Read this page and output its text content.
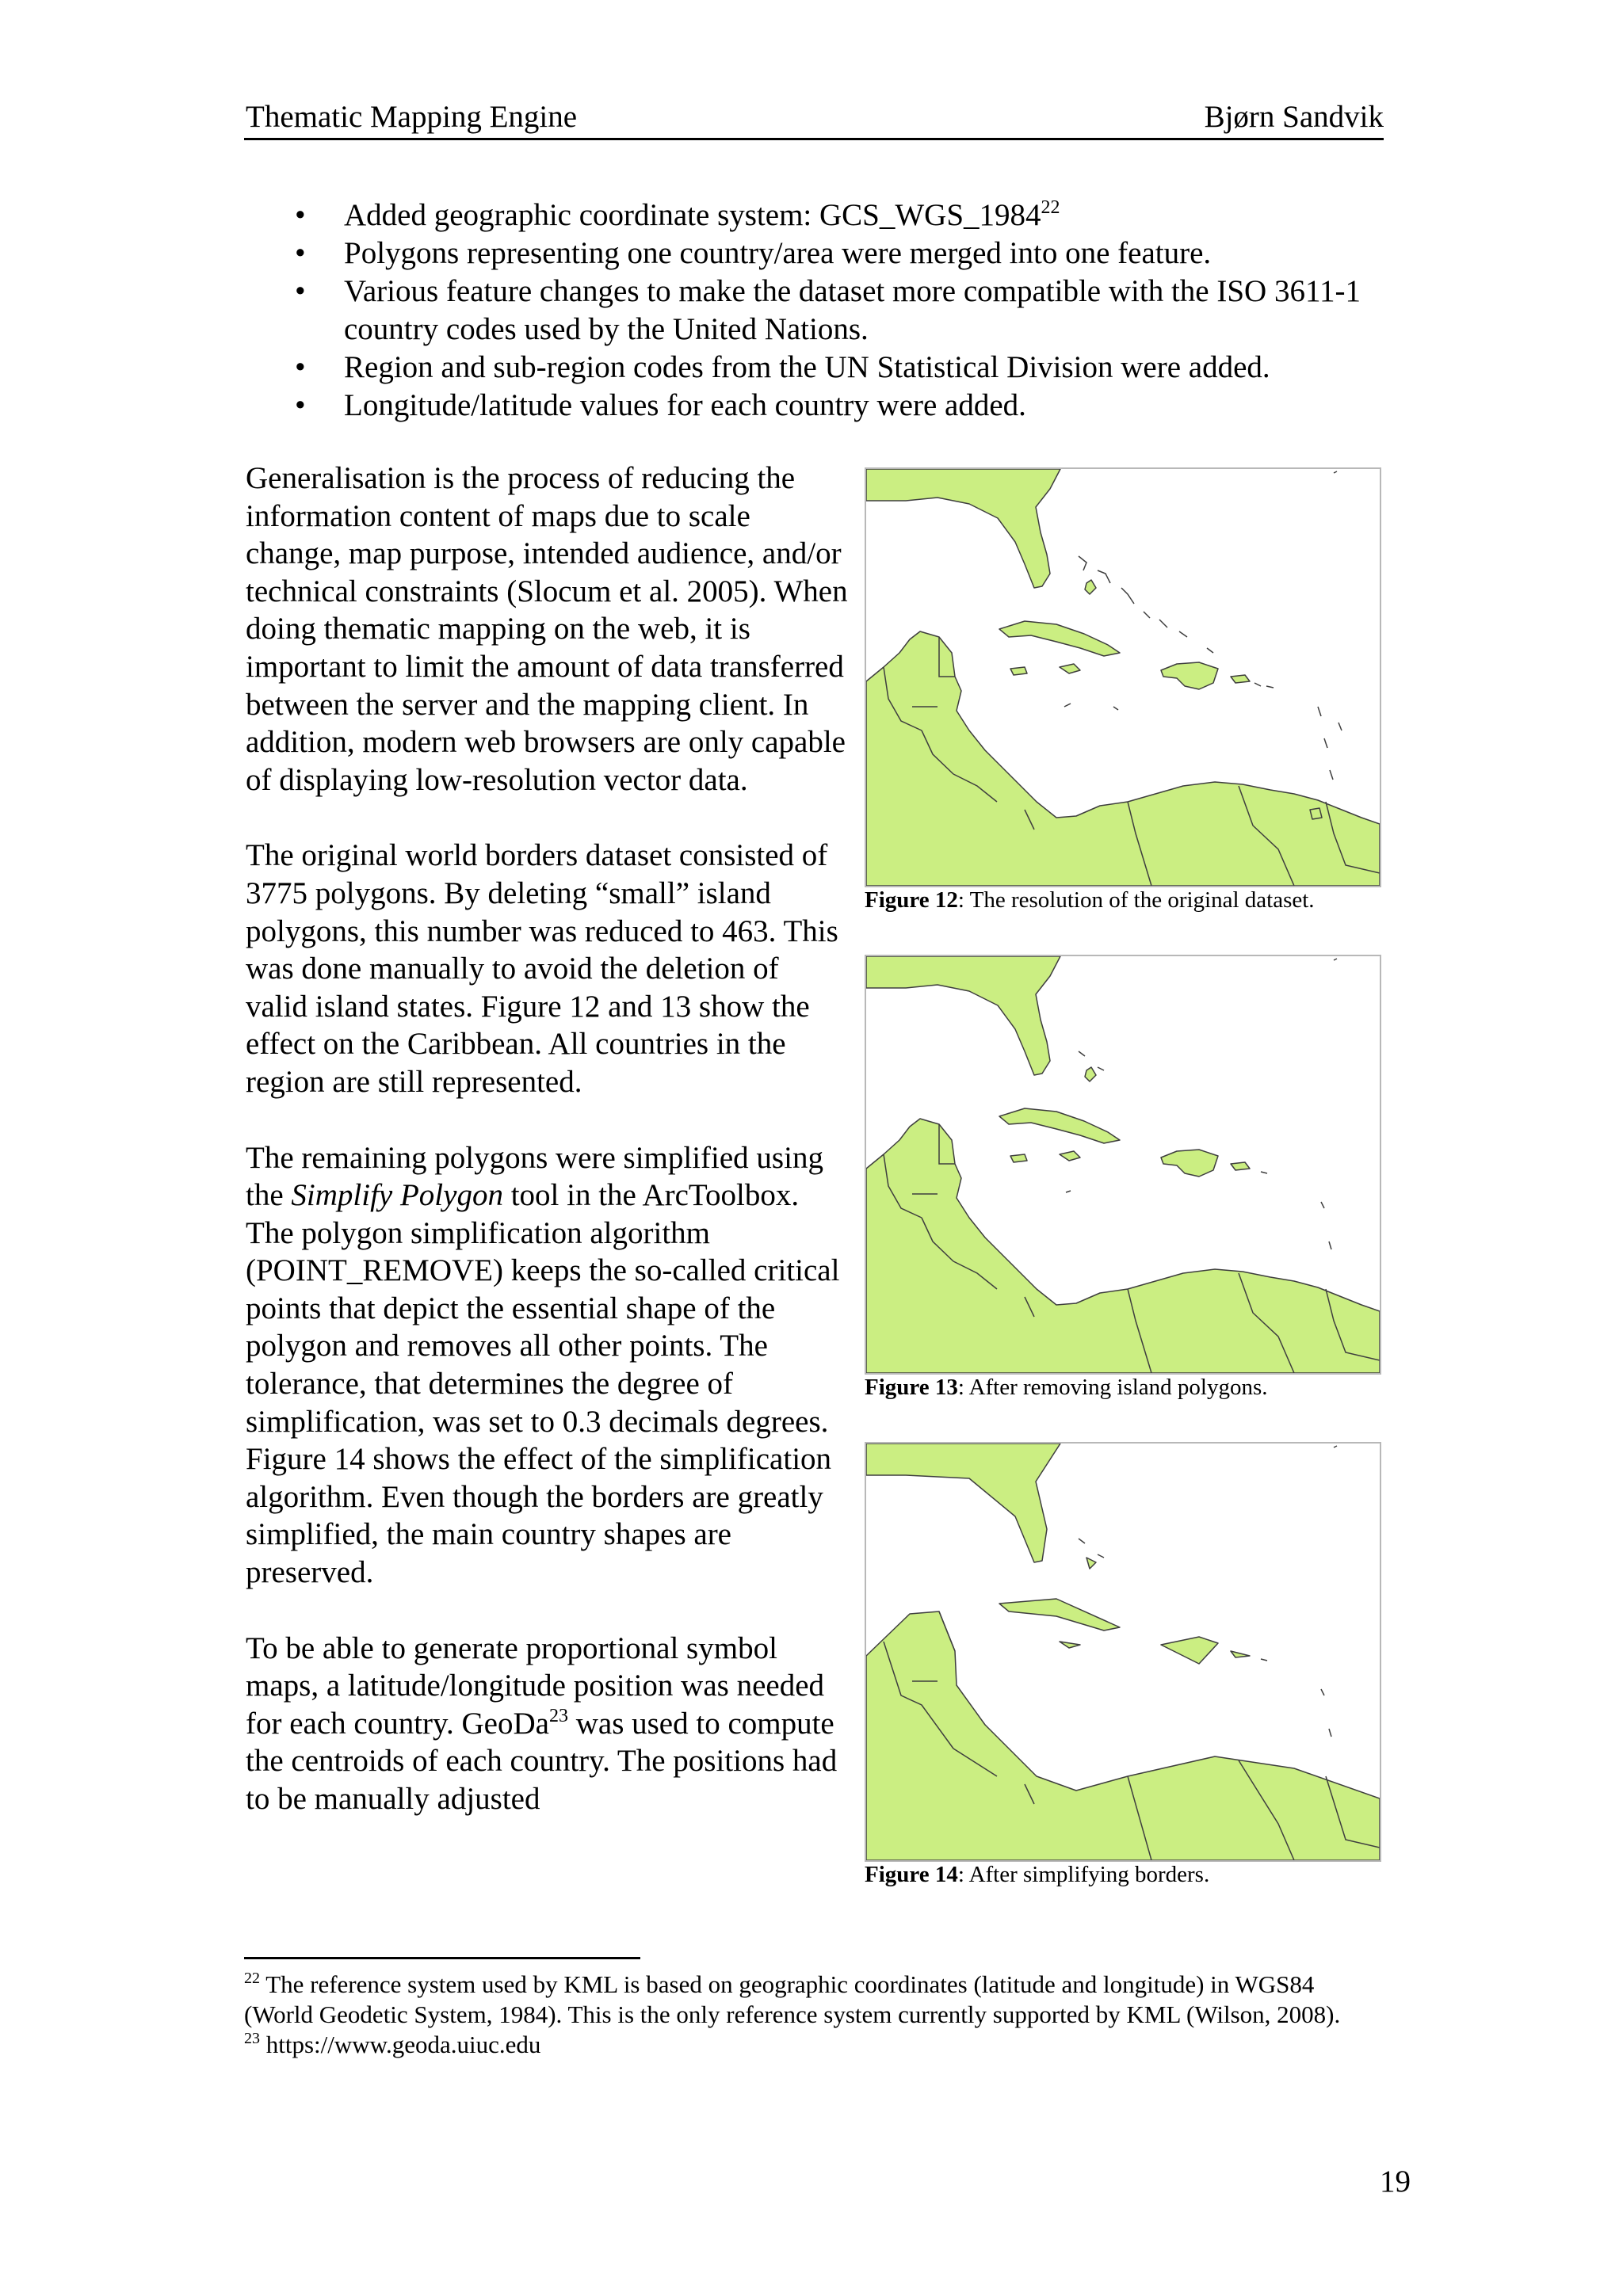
Thematic Mapping Engine	Bjørn Sandvik
•	Added geographic coordinate system: GCS_WGS_1984$^{22}$
•	Polygons representing one country/area were merged into one feature.
•	Various feature changes to make the dataset more compatible with the ISO 3611-1 country codes used by the United Nations.
•	Region and sub-region codes from the UN Statistical Division were added.
•	Longitude/latitude values for each country were added.

Generalisation is the process of reducing the information content of maps due to scale change, map purpose, intended audience, and/or technical constraints (Slocum et al. 2005). When doing thematic mapping on the web, it is important to limit the amount of data transferred between the server and the mapping client. In addition, modern web browsers are only capable of displaying low-resolution vector data.

The original world borders dataset consisted of 3775 polygons. By deleting “small” island polygons, this number was reduced to 463. This was done manually to avoid the deletion of valid island states. Figure 12 and 13 show the effect on the Caribbean. All countries in the region are still represented.

The remaining polygons were simplified using the Simplify Polygon tool in the ArcToolbox. The polygon simplification algorithm (POINT_REMOVE) keeps the so-called critical points that depict the essential shape of the polygon and removes all other points. The tolerance, that determines the degree of simplification, was set to 0.3 decimals degrees. Figure 14 shows the effect of the simplification algorithm. Even though the borders are greatly simplified, the main country shapes are preserved.

To be able to generate proportional symbol maps, a latitude/longitude position was needed for each country. GeoDa$^{23}$ was used to compute the centroids of each country. The positions had to be manually adjusted

Figure 12: The resolution of the original dataset.
Figure 13: After removing island polygons.
Figure 14: After simplifying borders.
$^{22}$ The reference system used by KML is based on geographic coordinates (latitude and longitude) in WGS84 (World Geodetic System, 1984). This is the only reference system currently supported by KML (Wilson, 2008).
$^{23}$ https://www.geoda.uiuc.edu
19
